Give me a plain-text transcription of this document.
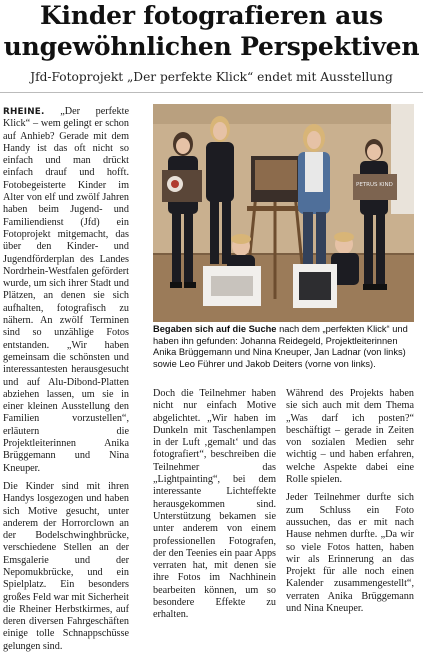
Kinder fotografieren aus
ungewöhnlichen Perspektiven
Jfd-Fotoprojekt „Der perfekte Klick“ endet mit Ausstellung

RHEINE. „Der perfekte Klick“ – wem gelingt er schon auf Anhieb? Gerade mit dem Handy ist das oft nicht so einfach und man drückt einfach drauf und hofft. Fotobegeisterte Kinder im Alter von elf und zwölf Jahren haben beim Jugend- und Familiendienst (Jfd) ein Fotoprojekt mitgemacht, das über den Kinder- und Jugendförderplan des Landes Nordrhein-Westfalen gefördert wurde, um sich ihrer Stadt und Plätzen, an denen sie sich aufhalten, fotografisch zu nähern. An zwölf Terminen sind so unzählige Fotos entstanden. „Wir haben gemeinsam die schönsten und interessantesten herausgesucht und auf Alu-Dibond-Platten abziehen lassen, um sie in einer kleinen Ausstellung den Familien vorzustellen“, erläutern die Projektleiterinnen Anika Brüggemann und Nina Kneuper.

Die Kinder sind mit ihren Handys losgezogen und haben sich Motive gesucht, unter anderem der Horrorclown an der Bodelschwinghbrücke, verschiedene Stellen an der Emsgalerie und der Nepomukbrücke, und ein Spielplatz. Ein besonders großes Feld war mit Sicherheit die Rheiner Herbstkirmes, auf deren diversen Fahrgeschäften einige tolle Schnappschüsse gelungen sind.

PETRUS KIND
Begaben sich auf die Suche nach dem „perfekten Klick“ und haben ihn gefunden: Johanna Reidegeld, Projektleiterinnen Anika Brüggemann und Nina Kneuper, Jan Ladnar (von links) sowie Leo Führer und Jakob Deiters (vorne von links).

Doch die Teilnehmer haben nicht nur einfach Motive abgelichtet. „Wir haben im Dunkeln mit Taschenlampen in der Luft ‚gemalt‘ und das fotografiert“, beschreiben die Teilnehmer das „Lightpainting“, bei dem interessante Lichteffekte herausgekommen sind. Unterstützung bekamen sie unter anderem von einem professionellen Fotografen, der den Teenies ein paar Apps verraten hat, mit denen sie ihre Fotos im Nachhinein bearbeiten können, um so besondere Effekte zu erhalten.

Während des Projekts haben sie sich auch mit dem Thema „Was darf ich posten?“ beschäftigt – gerade in Zeiten von sozialen Medien sehr wichtig – und haben erfahren, welche Aspekte dabei eine Rolle spielen.

Jeder Teilnehmer durfte sich zum Schluss ein Foto aussuchen, das er mit nach Hause nehmen durfte. „Da wir so viele Fotos hatten, haben wir als Erinnerung an das Projekt für alle noch einen Kalender zusammengestellt“, verraten Anika Brüggemann und Nina Kneuper.
